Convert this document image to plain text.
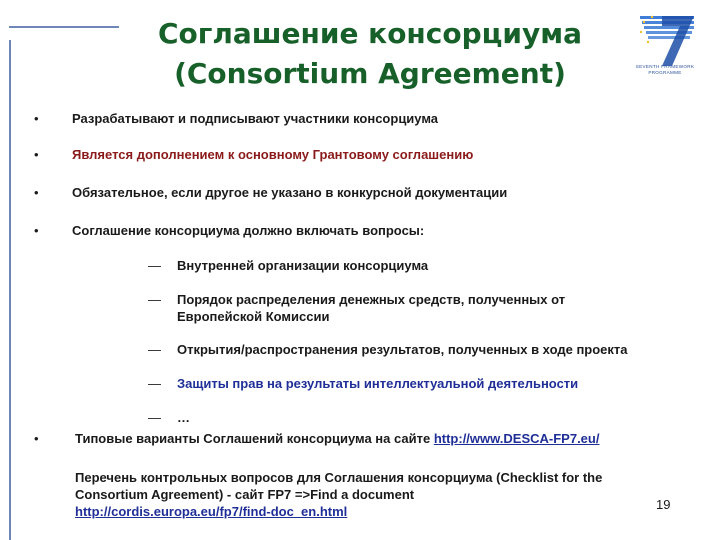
Соглашение консорциума
(Consortium Agreement)	SEVENTH FRAMEWORK
PROGRAMME
•	Разрабатывают и подписывают участники консорциума
•	Является дополнением к основному Грантовому соглашению
•	Обязательное, если другое не указано в конкурсной документации
•	Соглашение консорциума должно включать вопросы:
— Внутренней организации консорциума
— Порядок распределения денежных средств, полученных от
Европейской Комиссии
— Открытия/распространения результатов, полученных в ходе проекта
— Защиты прав на результаты интеллектуальной деятельности
— …
•	Типовые варианты Соглашений консорциума на сайте http://www.DESCA-FP7.eu/
Перечень контрольных вопросов для Соглашения консорциума (Checklist for the
Consortium Agreement) - сайт FP7 =>Find a document
http://cordis.europa.eu/fp7/find-doc_en.html	19
